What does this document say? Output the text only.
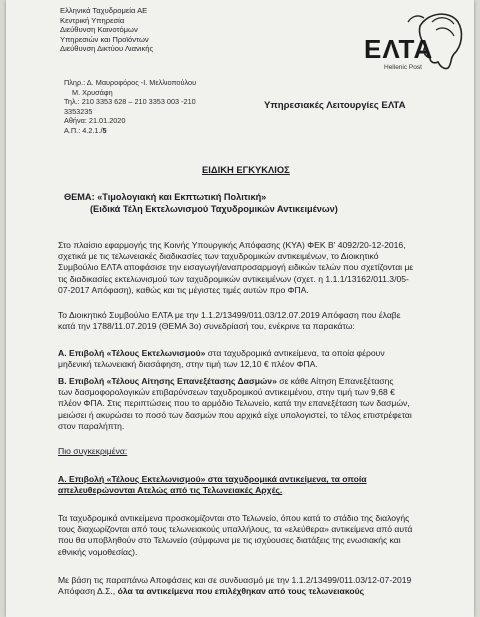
Ελληνικά Ταχυδρομεία ΑΕ
Κεντρική Υπηρεσία
Διεύθυνση Καινοτόμων
Υπηρεσιών και Προϊόντων
Διεύθυνση Δικτύου Λιανικής	ΕΛΤΑ
Hellenic Post
Πληρ.: Δ. Μαυροφόρος -Ι. Μελλιοπούλου
Μ. Χρυσάφη
Τηλ.: 210 3353 628 – 210 3353 003 -210
3353235
Αθήνα: 21.01.2020
Α.Π.: 4.2.1./5
Υπηρεσιακές Λειτουργίες ΕΛΤΑ
ΕΙΔΙΚΗ ΕΓΚΥΚΛΙΟΣ
ΘΕΜΑ: «Τιμολογιακή και Εκπτωτική Πολιτική»
(Ειδικά Τέλη Εκτελωνισμού Ταχυδρομικών Αντικειμένων)
Στο πλαίσιο εφαρμογής της Κοινής Υπουργικής Απόφασης (ΚΥΑ) ΦΕΚ Β' 4092/20-12-2016,
σχετικά με τις τελωνειακές διαδικασίες των ταχυδρομικών αντικειμένων, το Διοικητικό
Συμβούλιο ΕΛΤΑ αποφάσισε την εισαγωγή/αναπροσαρμογή ειδικών τελών που σχετίζονται με
τις διαδικασίες εκτελωνισμού των ταχυδρομικών αντικειμένων (σχετ. η 1.1.1/13162/011.3/05-
07-2017 Απόφαση), καθώς και τις μέγιστες τιμές αυτών προ ΦΠΑ.
Το Διοικητικό Συμβούλιο ΕΛΤΑ με την 1.1.2/13499/011.03/12.07.2019 Απόφαση που έλαβε
κατά την 1788/11.07.2019 (ΘΕΜΑ 3ο) συνεδρίασή του, ενέκρινε τα παρακάτω:
Α. Επιβολή «Τέλους Εκτελωνισμού» στα ταχυδρομικά αντικείμενα, τα οποία φέρουν
μηδενική τελωνειακή διασάφηση, στην τιμή των 12,10 € πλέον ΦΠΑ.
Β. Επιβολή «Τέλους Αίτησης Επανεξέτασης Δασμών» σε κάθε Αίτηση Επανεξέτασης
των δασμοφορολογικών επιβαρύνσεων ταχυδρομικού αντικειμένου, στην τιμή των 9,68 €
πλέον ΦΠΑ. Στις περιπτώσεις που το αρμόδιο Τελωνείο, κατά την επανεξέταση των δασμών,
μειώσει ή ακυρώσει το ποσό των δασμών που αρχικά είχε υπολογιστεί, το τέλος επιστρέφεται
στον παραλήπτη.
Πιο συγκεκριμένα:
Α. Επιβολή «Τέλους Εκτελωνισμού» στα ταχυδρομικά αντικείμενα, τα οποία
απελευθερώνονται Ατελώς από τις Τελωνειακές Αρχές.
Τα ταχυδρομικά αντικείμενα προσκομίζονται στο Τελωνείο, όπου κατά το στάδιο της διαλογής
τους διαχωρίζονται από τους τελωνειακούς υπαλλήλους, τα «ελεύθερα» αντικείμενα από αυτά
που θα υποβληθούν στο Τελωνείο (σύμφωνα με τις ισχύουσες διατάξεις της ενωσιακής και
εθνικής νομοθεσίας).
Με βάση τις παραπάνω Αποφάσεις και σε συνδυασμό με την 1.1.2/13499/011.03/12-07-2019
Απόφαση Δ.Σ., όλα τα αντικείμενα που επιλέχθηκαν από τους τελωνειακούς
